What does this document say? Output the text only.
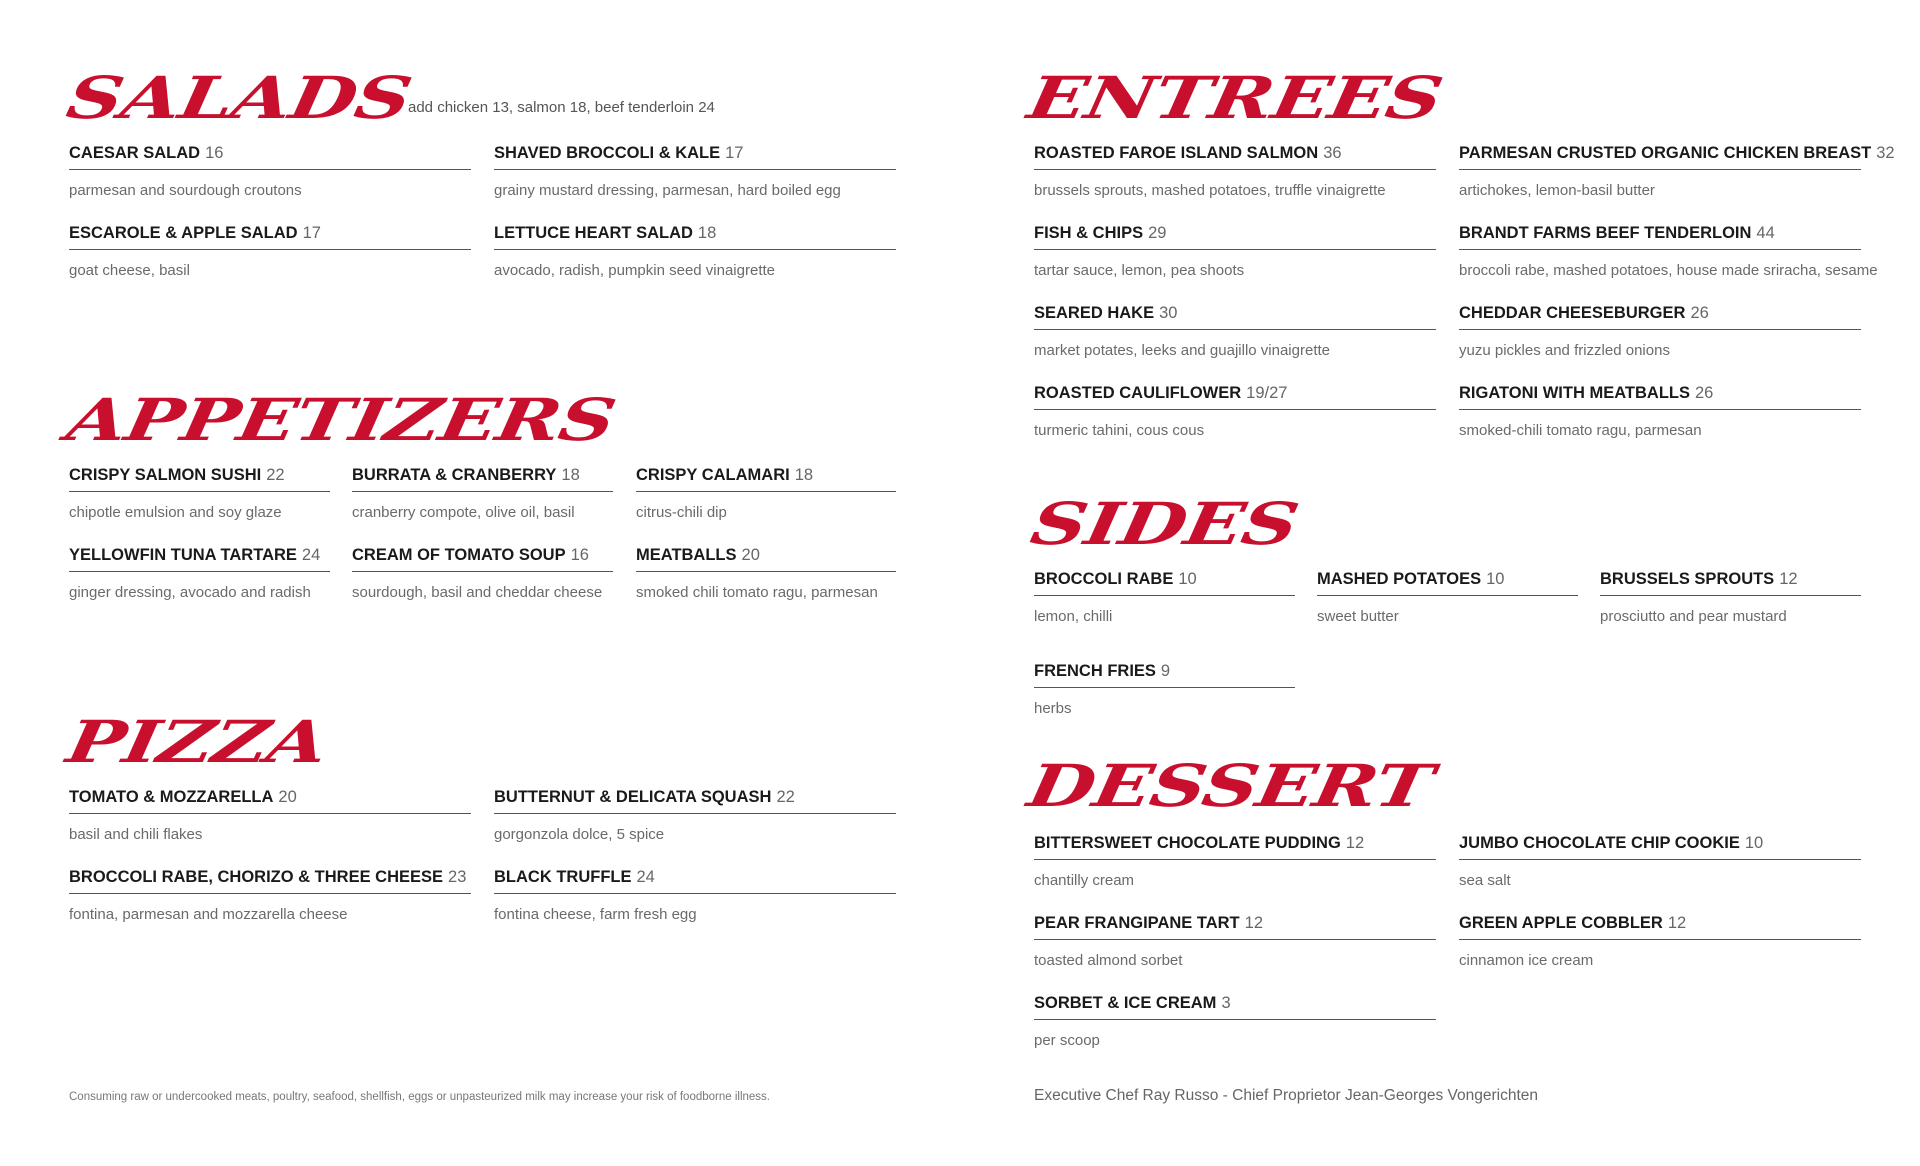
SALADS
add chicken 13, salmon 18, beef tenderloin 24
CAESAR SALAD 16
parmesan and sourdough croutons
SHAVED BROCCOLI & KALE 17
grainy mustard dressing, parmesan, hard boiled egg
ESCAROLE & APPLE SALAD 17
goat cheese, basil
LETTUCE HEART SALAD 18
avocado, radish, pumpkin seed vinaigrette
APPETIZERS
CRISPY SALMON SUSHI 22
chipotle emulsion and soy glaze
BURRATA & CRANBERRY 18
cranberry compote, olive oil, basil
CRISPY CALAMARI 18
citrus-chili dip
YELLOWFIN TUNA TARTARE 24
ginger dressing, avocado and radish
CREAM OF TOMATO SOUP 16
sourdough, basil and cheddar cheese
MEATBALLS 20
smoked chili tomato ragu, parmesan
PIZZA
TOMATO & MOZZARELLA 20
basil and chili flakes
BUTTERNUT & DELICATA SQUASH 22
gorgonzola dolce, 5 spice
BROCCOLI RABE, CHORIZO & THREE CHEESE 23
fontina, parmesan and mozzarella cheese
BLACK TRUFFLE 24
fontina cheese, farm fresh egg
Consuming raw or undercooked meats, poultry, seafood, shellfish, eggs or unpasteurized milk may increase your risk of foodborne illness.
ENTREES
ROASTED FAROE ISLAND SALMON 36
brussels sprouts, mashed potatoes, truffle vinaigrette
PARMESAN CRUSTED ORGANIC CHICKEN BREAST 32
artichokes, lemon-basil butter
FISH & CHIPS 29
tartar sauce, lemon, pea shoots
BRANDT FARMS BEEF TENDERLOIN 44
broccoli rabe, mashed potatoes, house made sriracha, sesame
SEARED HAKE 30
market potates, leeks and guajillo vinaigrette
CHEDDAR CHEESEBURGER 26
yuzu pickles and frizzled onions
ROASTED CAULIFLOWER 19/27
turmeric tahini, cous cous
RIGATONI WITH MEATBALLS 26
smoked-chili tomato ragu, parmesan
SIDES
BROCCOLI RABE 10
lemon, chilli
MASHED POTATOES 10
sweet butter
BRUSSELS SPROUTS 12
prosciutto and pear mustard
FRENCH FRIES 9
herbs
DESSERT
BITTERSWEET CHOCOLATE PUDDING 12
chantilly cream
JUMBO CHOCOLATE CHIP COOKIE 10
sea salt
PEAR FRANGIPANE TART 12
toasted almond sorbet
GREEN APPLE COBBLER 12
cinnamon ice cream
SORBET & ICE CREAM 3
per scoop
Executive Chef Ray Russo - Chief Proprietor Jean-Georges Vongerichten
